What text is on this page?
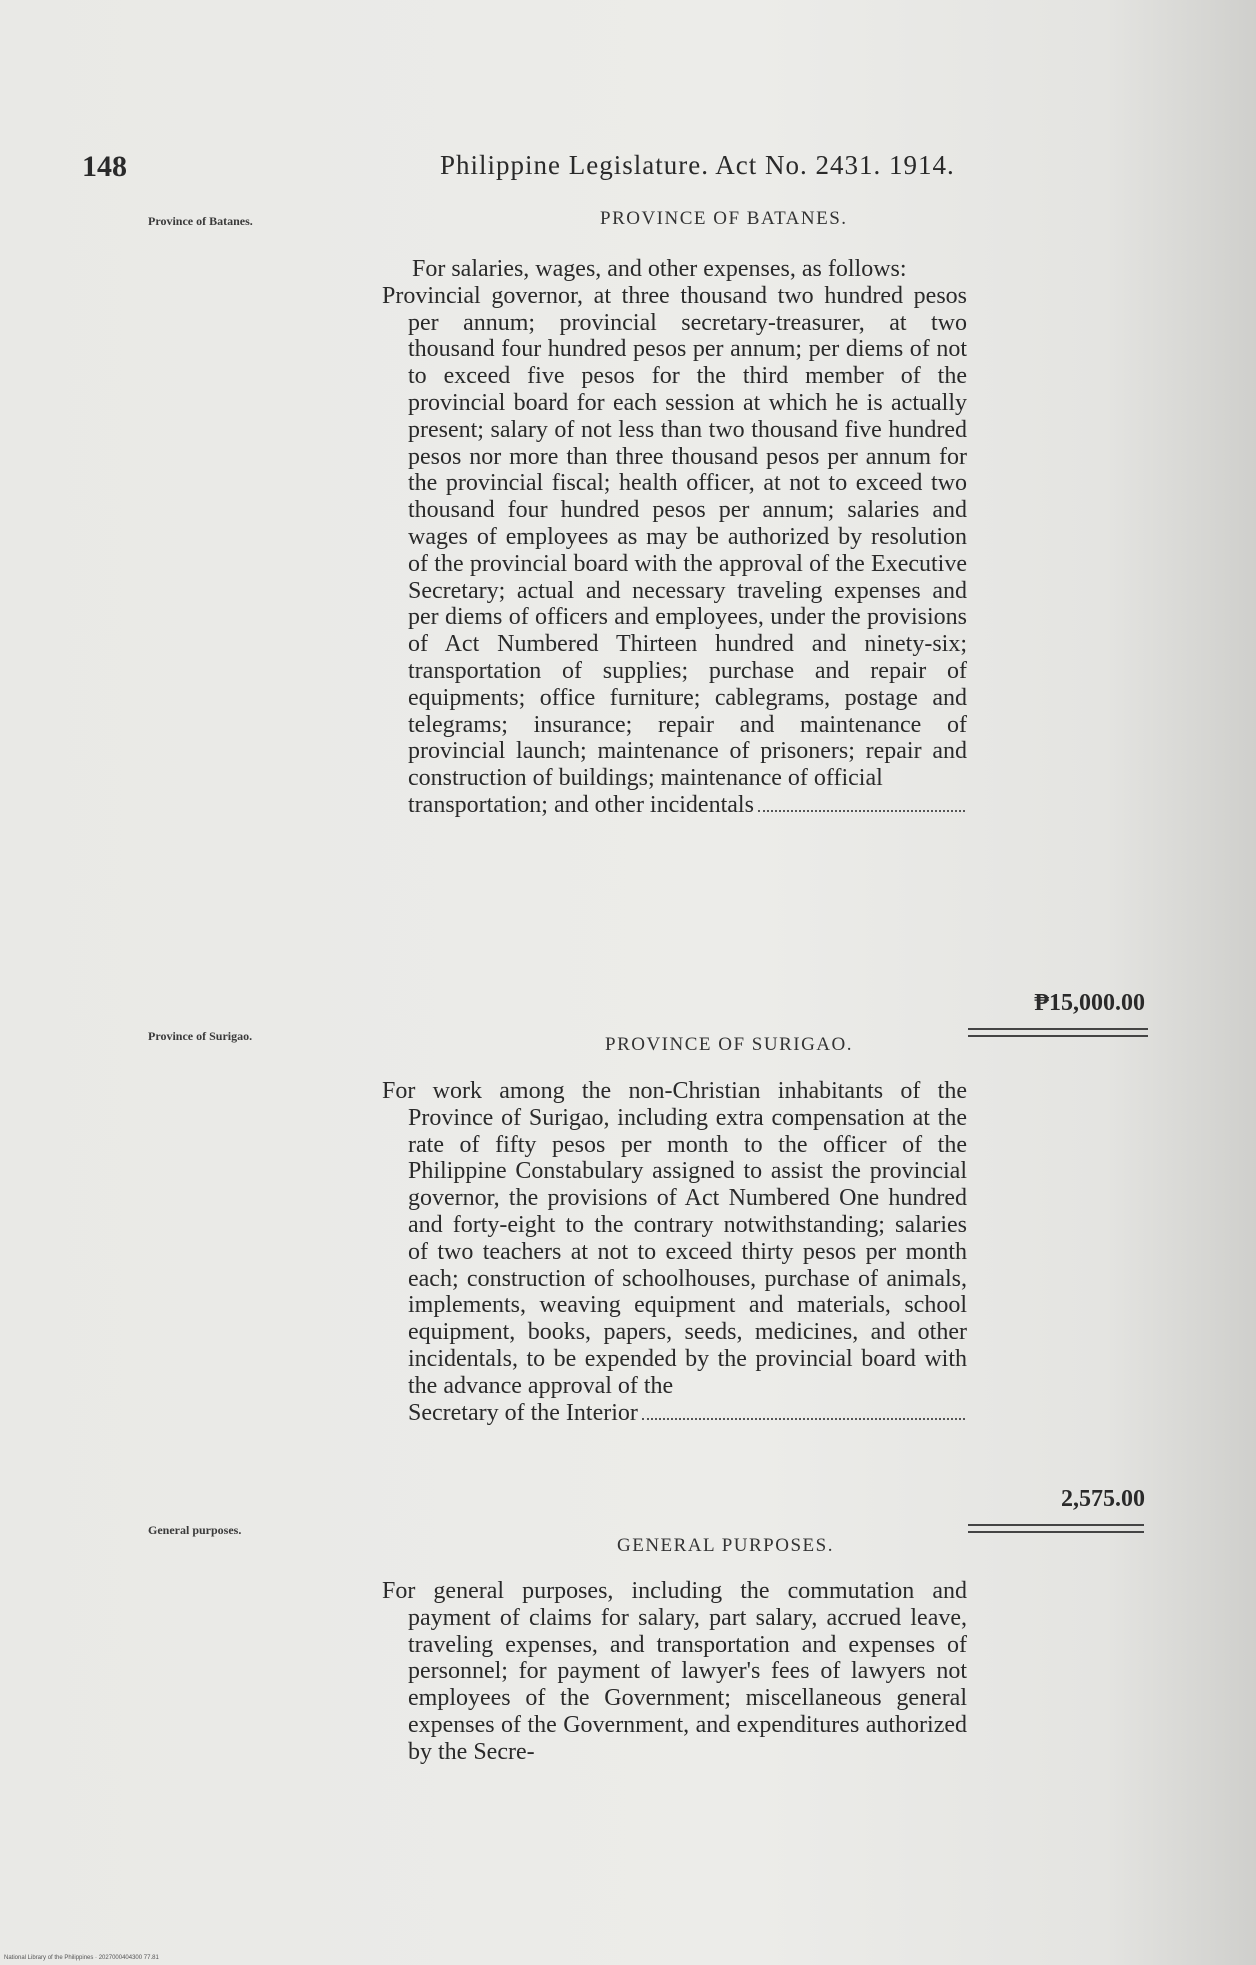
148	Philippine Legislature. Act No. 2431. 1914.
Province of Batanes.	PROVINCE OF BATANES.

For salaries, wages, and other expenses, as follows:

Provincial governor, at three thousand two hundred pesos per annum; provincial secretary-treasurer, at two thousand four hundred pesos per annum; per diems of not to exceed five pesos for the third member of the provincial board for each session at which he is actually present; salary of not less than two thousand five hundred pesos nor more than three thousand pesos per annum for the provincial fiscal; health officer, at not to exceed two thousand four hundred pesos per annum; salaries and wages of employees as may be authorized by resolution of the provincial board with the approval of the Executive Secretary; actual and necessary traveling expenses and per diems of officers and employees, under the provisions of Act Numbered Thirteen hundred and ninety-six; transportation of supplies; purchase and repair of equipments; office furniture; cablegrams, postage and telegrams; insurance; repair and maintenance of provincial launch; maintenance of prisoners; repair and construction of buildings; maintenance of official

transportation; and other incidentals
₱15,000.00
Province of Surigao.	PROVINCE OF SURIGAO.

For work among the non-Christian inhabitants of the Province of Surigao, including extra compensation at the rate of fifty pesos per month to the officer of the Philippine Constabulary assigned to assist the provincial governor, the provisions of Act Numbered One hundred and forty-eight to the contrary notwithstanding; salaries of two teachers at not to exceed thirty pesos per month each; construction of schoolhouses, purchase of animals, implements, weaving equipment and materials, school equipment, books, papers, seeds, medicines, and other incidentals, to be expended by the provincial board with the advance approval of the

Secretary of the Interior
2,575.00
General purposes.
GENERAL PURPOSES.

For general purposes, including the commutation and payment of claims for salary, part salary, accrued leave, traveling expenses, and transportation and expenses of personnel; for payment of lawyer's fees of lawyers not employees of the Government; miscellaneous general expenses of the Government, and expenditures authorized by the Secre-

National Library of the Philippines · 2027000404300 77.81
